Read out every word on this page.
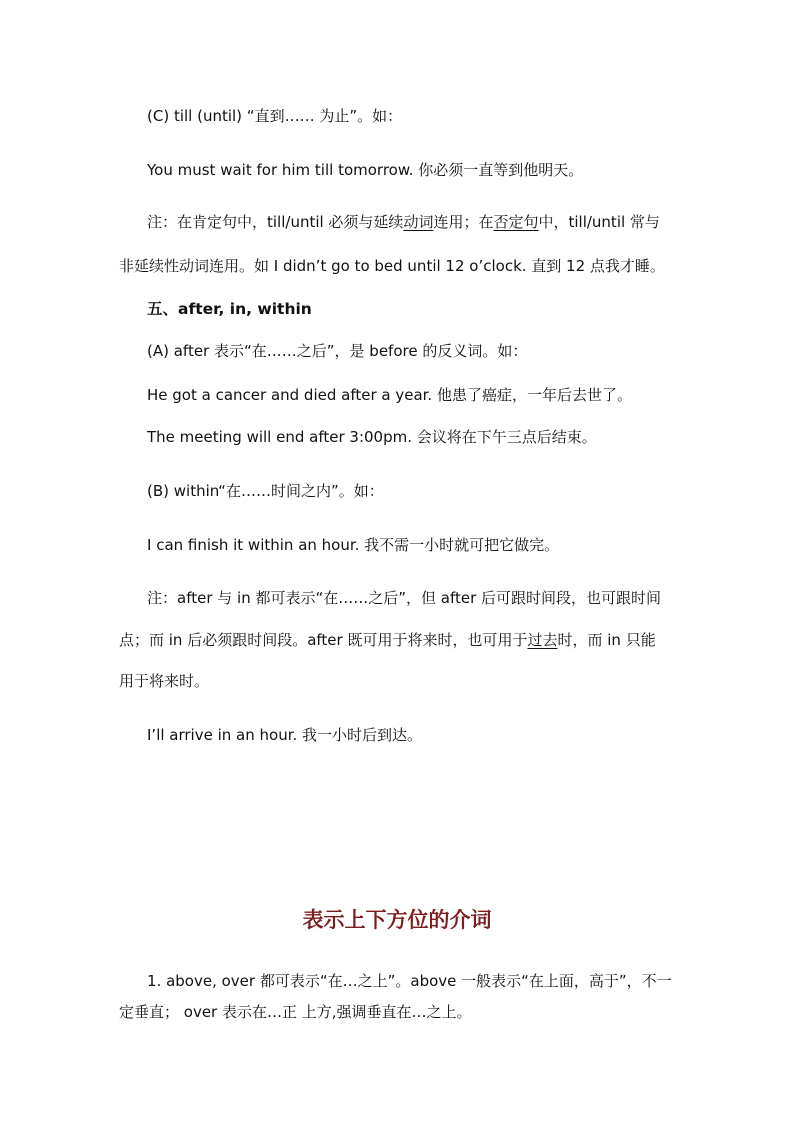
(C) till (until) “直到…… 为止”。如：
You must wait for him till tomorrow. 你必须一直等到他明天。
注：在肯定句中，till/until 必须与延续动词连用；在否定句中，till/until 常与
非延续性动词连用。如 I didn’t go to bed until 12 o’clock. 直到 12 点我才睡。
五、after, in, within
(A) after 表示“在……之后”，是 before 的反义词。如：
He got a cancer and died after a year. 他患了癌症，一年后去世了。
The meeting will end after 3:00pm. 会议将在下午三点后结束。
(B) within“在……时间之内”。如：
I can finish it within an hour. 我不需一小时就可把它做完。
注：after 与 in 都可表示“在……之后”，但 after 后可跟时间段，也可跟时间
点；而 in 后必须跟时间段。after 既可用于将来时，也可用于过去时，而 in 只能
用于将来时。
I’ll arrive in an hour. 我一小时后到达。
表示上下方位的介词
1. above, over 都可表示“在…之上”。above 一般表示“在上面，高于”，不一
定垂直； over 表示在…正 上方,强调垂直在…之上。
